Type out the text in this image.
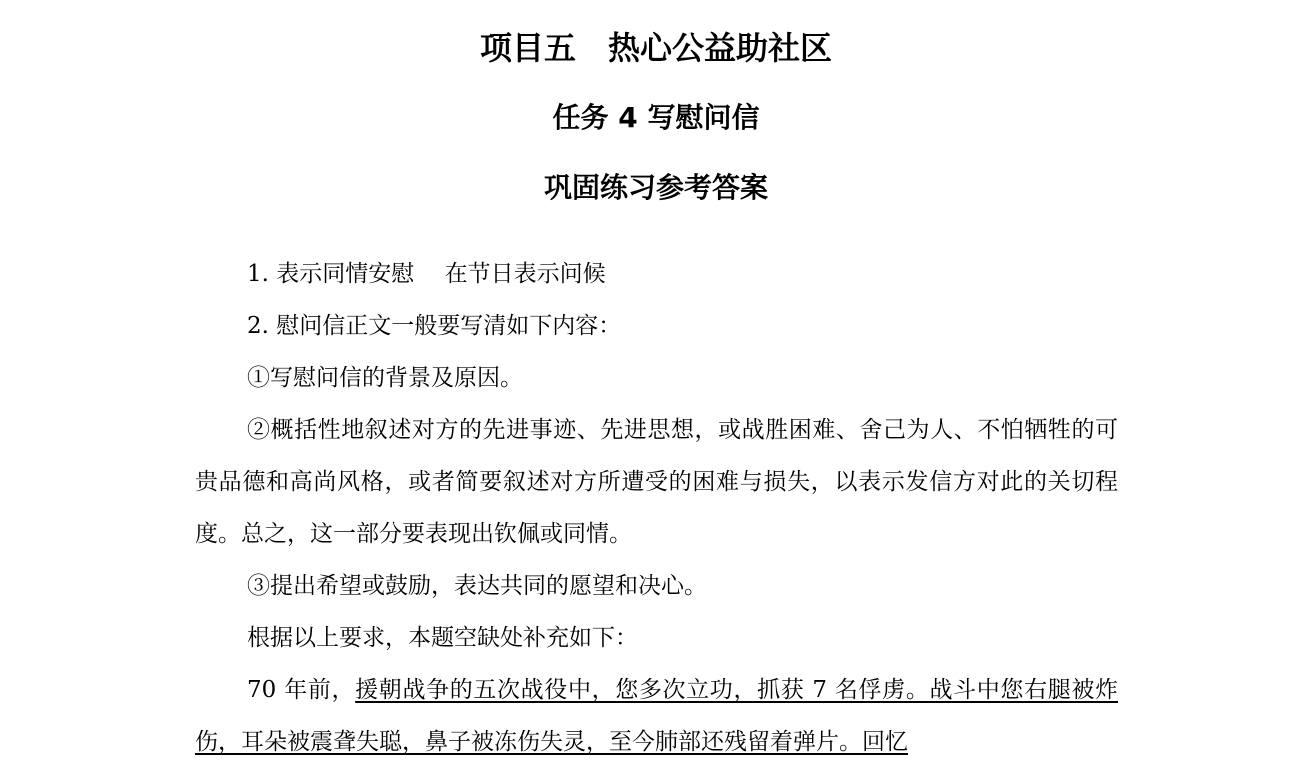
项目五　热心公益助社区
任务 4 写慰问信
巩固练习参考答案

1. 表示同情安慰　 在节日表示问候

2. 慰问信正文一般要写清如下内容：

①写慰问信的背景及原因。

②概括性地叙述对方的先进事迹、先进思想，或战胜困难、舍己为人、不怕牺牲的可贵品德和高尚风格，或者简要叙述对方所遭受的困难与损失，以表示发信方对此的关切程度。总之，这一部分要表现出钦佩或同情。

③提出希望或鼓励，表达共同的愿望和决心。

根据以上要求，本题空缺处补充如下：

70 年前，援朝战争的五次战役中，您多次立功，抓获 7 名俘虏。战斗中您右腿被炸伤，耳朵被震聋失聪，鼻子被冻伤失灵，至今肺部还残留着弹片。回忆
